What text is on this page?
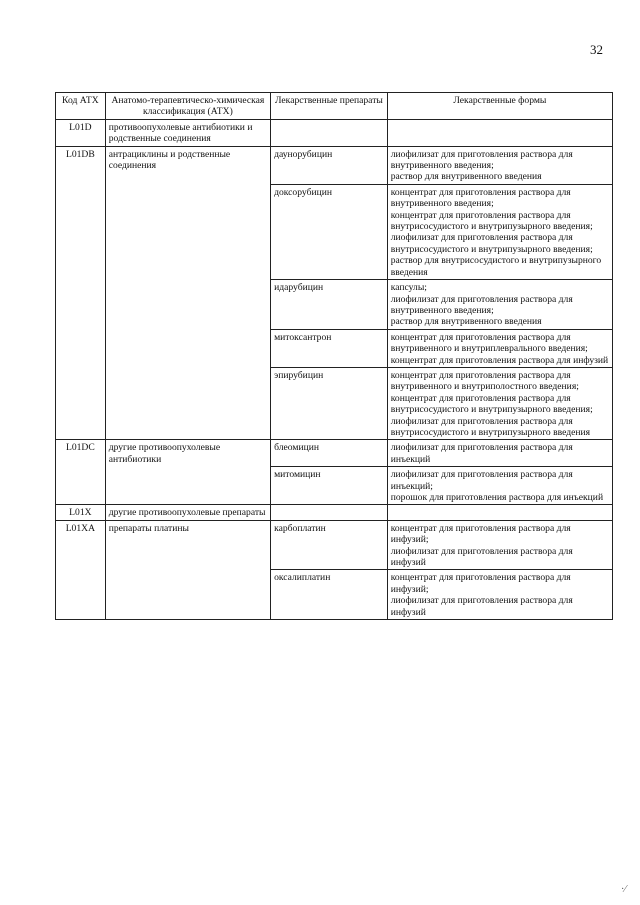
32
Код АТХ	Анатомо-терапевтическо-химическая классификация (АТХ)	Лекарственные препараты	Лекарственные формы
L01D	противоопухолевые антибиотики и родственные соединения		
L01DB	антрациклины и родственные соединения	даунорубицин	лиофилизат для приготовления раствора для внутривенного введения;
раствор для внутривенного введения

		доксорубицин	концентрат для приготовления раствора для внутривенного введения;
концентрат для приготовления раствора для внутрисосудистого и внутрипузырного введения;
лиофилизат для приготовления раствора для внутрисосудистого и внутрипузырного введения;
раствор для внутрисосудистого и внутрипузырного введения

		идарубицин	капсулы;
лиофилизат для приготовления раствора для внутривенного введения;
раствор для внутривенного введения

		митоксантрон	концентрат для приготовления раствора для внутривенного и внутриплеврального введения;
концентрат для приготовления раствора для инфузий

		эпирубицин	концентрат для приготовления раствора для внутривенного и внутриполостного введения;
концентрат для приготовления раствора для внутрисосудистого и внутрипузырного введения;
лиофилизат для приготовления раствора для внутрисосудистого и внутрипузырного введения

L01DC	другие противоопухолевые антибиотики	блеомицин	лиофилизат для приготовления раствора для инъекций

		митомицин	лиофилизат для приготовления раствора для инъекций;
порошок для приготовления раствора для инъекций

L01X	другие противоопухолевые препараты		
L01XA	препараты платины	карбоплатин	концентрат для приготовления раствора для инфузий;
лиофилизат для приготовления раствора для инфузий

		оксалиплатин	концентрат для приготовления раствора для инфузий;
лиофилизат для приготовления раствора для инфузий
·⁄
